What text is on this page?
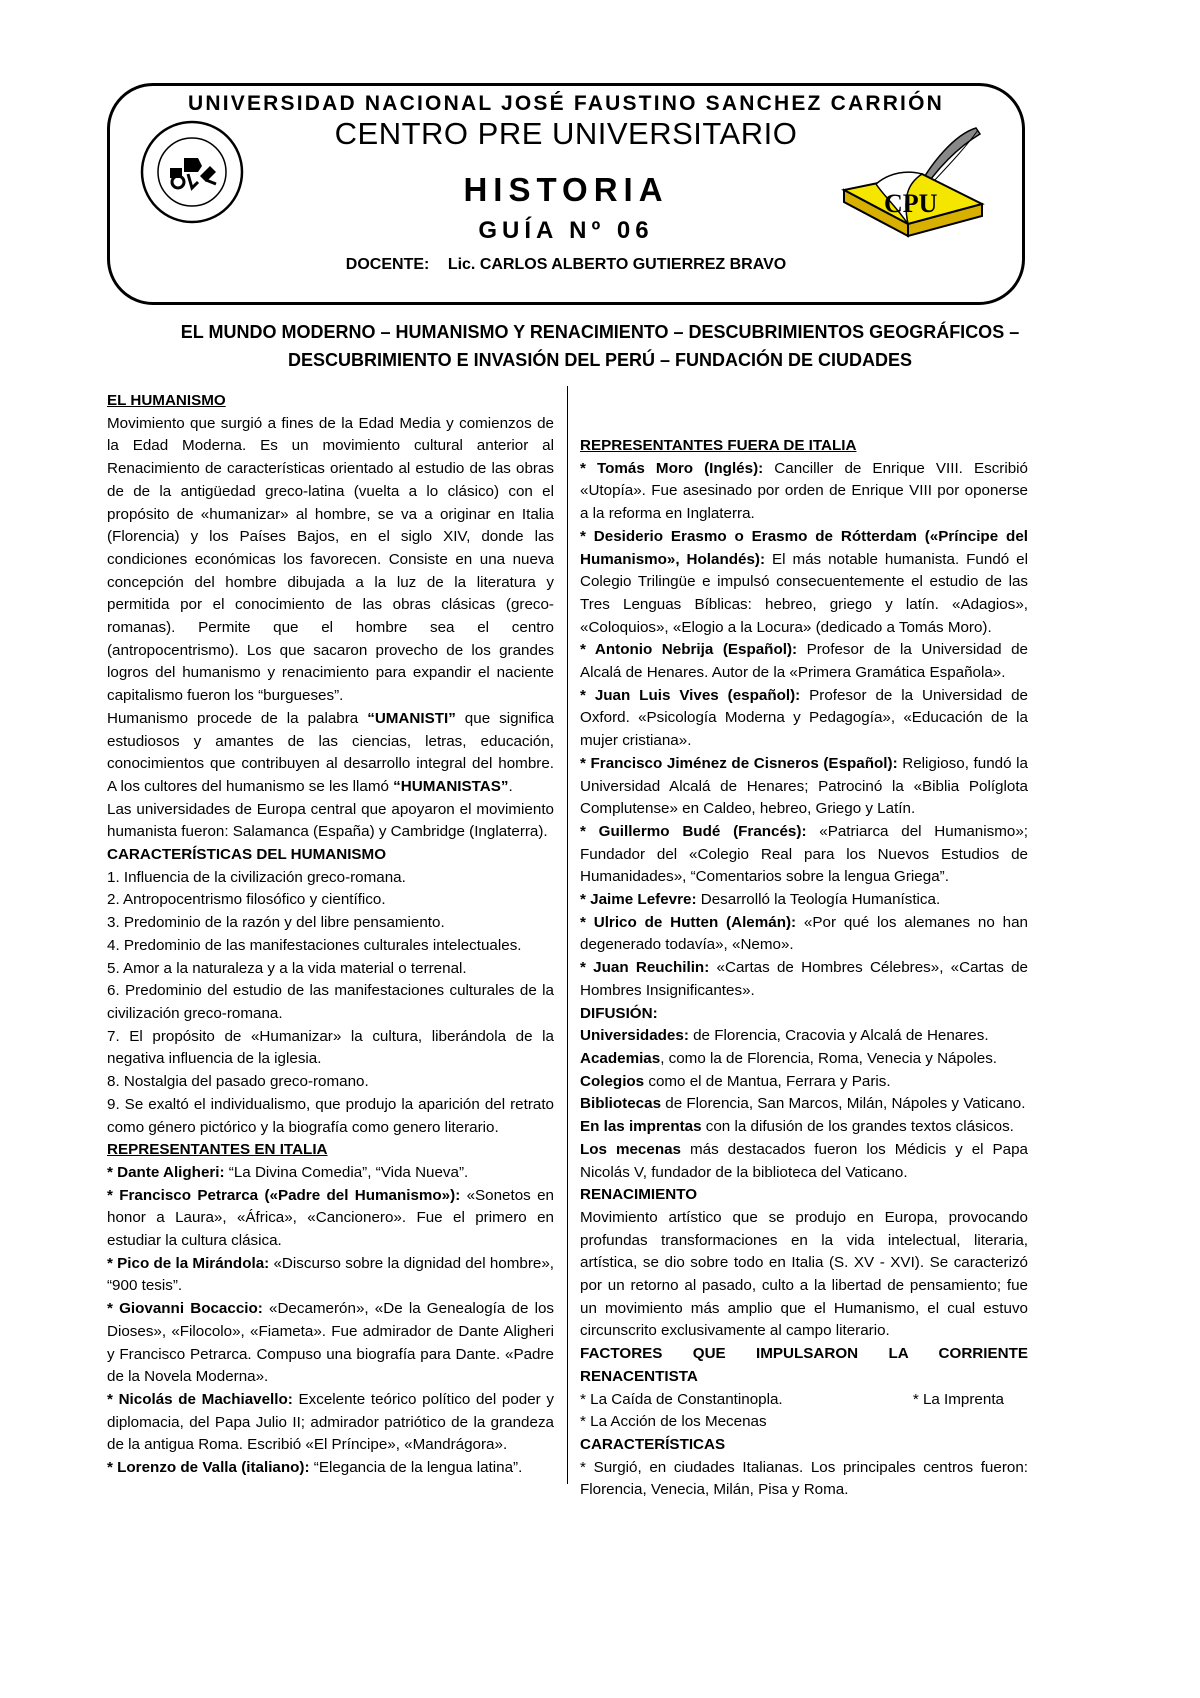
UNIVERSIDAD NACIONAL JOSÉ FAUSTINO SANCHEZ CARRIÓN
CENTRO PRE UNIVERSITARIO
HISTORIA
GUÍA Nº 06
DOCENTE: Lic. CARLOS ALBERTO GUTIERREZ BRAVO
CPU
EL MUNDO MODERNO – HUMANISMO Y RENACIMIENTO – DESCUBRIMIENTOS GEOGRÁFICOS –
DESCUBRIMIENTO E INVASIÓN DEL PERÚ – FUNDACIÓN DE CIUDADES

EL HUMANISMO

Movimiento que surgió a fines de la Edad Media y comienzos de la Edad Moderna. Es un movimiento cultural anterior al Renacimiento de características orientado al estudio de las obras de de la antigüedad greco-latina (vuelta a lo clásico) con el propósito de «humanizar» al hombre, se va a originar en Italia (Florencia) y los Países Bajos, en el siglo XIV, donde las condiciones económicas los favorecen. Consiste en una nueva concepción del hombre dibujada a la luz de la literatura y permitida por el conocimiento de las obras clásicas (greco-romanas). Permite que el hombre sea el centro (antropocentrismo). Los que sacaron provecho de los grandes logros del humanismo y renacimiento para expandir el naciente capitalismo fueron los “burgueses”.

Humanismo procede de la palabra “UMANISTI” que significa estudiosos y amantes de las ciencias, letras, educación, conocimientos que contribuyen al desarrollo integral del hombre. A los cultores del humanismo se les llamó “HUMANISTAS”.

Las universidades de Europa central que apoyaron el movimiento humanista fueron: Salamanca (España) y Cambridge (Inglaterra).

CARACTERÍSTICAS DEL HUMANISMO

1. Influencia de la civilización greco-romana.

2. Antropocentrismo filosófico y científico.

3. Predominio de la razón y del libre pensamiento.

4. Predominio de las manifestaciones culturales intelectuales.

5. Amor a la naturaleza y a la vida material o terrenal.

6. Predominio del estudio de las manifestaciones culturales de la civilización greco-romana.

7. El propósito de «Humanizar» la cultura, liberándola de la negativa influencia de la iglesia.

8. Nostalgia del pasado greco-romano.

9. Se exaltó el individualismo, que produjo la aparición del retrato como género pictórico y la biografía como genero literario.

REPRESENTANTES EN ITALIA

* Dante Aligheri: “La Divina Comedia”, “Vida Nueva”.

* Francisco Petrarca («Padre del Humanismo»): «Sonetos en honor a Laura», «África», «Cancionero». Fue el primero en estudiar la cultura clásica.

* Pico de la Mirándola: «Discurso sobre la dignidad del hombre», “900 tesis”.

* Giovanni Bocaccio: «Decamerón», «De la Genealogía de los Dioses», «Filocolo», «Fiameta». Fue admirador de Dante Aligheri y Francisco Petrarca. Compuso una biografía para Dante. «Padre de la Novela Moderna».

* Nicolás de Machiavello: Excelente teórico político del poder y diplomacia, del Papa Julio II; admirador patriótico de la grandeza de la antigua Roma. Escribió «El Príncipe», «Mandrágora».

* Lorenzo de Valla (italiano): “Elegancia de la lengua latina”.

REPRESENTANTES FUERA DE ITALIA

* Tomás Moro (Inglés): Canciller de Enrique VIII. Escribió «Utopía». Fue asesinado por orden de Enrique VIII por oponerse a la reforma en Inglaterra.

* Desiderio Erasmo o Erasmo de Rótterdam («Príncipe del Humanismo», Holandés): El más notable humanista. Fundó el Colegio Trilingüe e impulsó consecuentemente el estudio de las Tres Lenguas Bíblicas: hebreo, griego y latín. «Adagios», «Coloquios», «Elogio a la Locura» (dedicado a Tomás Moro).

* Antonio Nebrija (Español): Profesor de la Universidad de Alcalá de Henares. Autor de la «Primera Gramática Española».

* Juan Luis Vives (español): Profesor de la Universidad de Oxford. «Psicología Moderna y Pedagogía», «Educación de la mujer cristiana».

* Francisco Jiménez de Cisneros (Español): Religioso, fundó la Universidad Alcalá de Henares; Patrocinó la «Biblia Políglota Complutense» en Caldeo, hebreo, Griego y Latín.

* Guillermo Budé (Francés): «Patriarca del Humanismo»; Fundador del «Colegio Real para los Nuevos Estudios de Humanidades», “Comentarios sobre la lengua Griega”.

* Jaime Lefevre: Desarrolló la Teología Humanística.

* Ulrico de Hutten (Alemán): «Por qué los alemanes no han degenerado todavía», «Nemo».

* Juan Reuchilin: «Cartas de Hombres Célebres», «Cartas de Hombres Insignificantes».

DIFUSIÓN:

Universidades: de Florencia, Cracovia y Alcalá de Henares.

Academias, como la de Florencia, Roma, Venecia y Nápoles.

Colegios como el de Mantua, Ferrara y Paris.

Bibliotecas de Florencia, San Marcos, Milán, Nápoles y Vaticano.

En las imprentas con la difusión de los grandes textos clásicos.

Los mecenas más destacados fueron los Médicis y el Papa Nicolás V, fundador de la biblioteca del Vaticano.

RENACIMIENTO

Movimiento artístico que se produjo en Europa, provocando profundas transformaciones en la vida intelectual, literaria, artística, se dio sobre todo en Italia (S. XV - XVI). Se caracterizó por un retorno al pasado, culto a la libertad de pensamiento; fue un movimiento más amplio que el Humanismo, el cual estuvo circunscrito exclusivamente al campo literario.

FACTORES QUE IMPULSARON LA CORRIENTE RENACENTISTA

* La Caída de Constantinopla.	* La Imprenta

* La Acción de los Mecenas

CARACTERÍSTICAS

* Surgió, en ciudades Italianas. Los principales centros fueron: Florencia, Venecia, Milán, Pisa y Roma.
